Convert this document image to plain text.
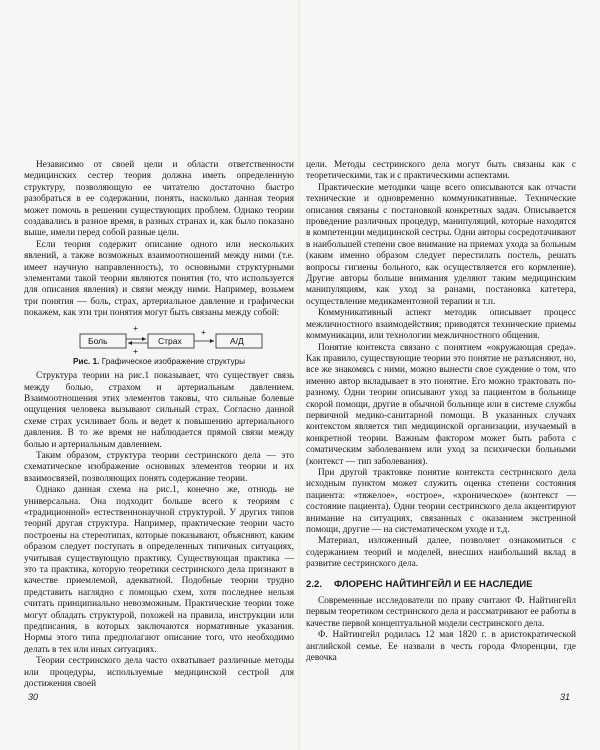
Независимо от своей цели и области ответственности медицинских сестер теория должна иметь определенную структуру, позволяющую ее читателю достаточно быстро разобраться в ее содержании, понять, насколько данная теория может помочь в решении существующих проблем. Однако теории создавались в разное время, в разных странах и, как было показано выше, имели перед собой разные цели.

Если теория содержит описание одного или нескольких явлений, а также возможных взаимоотношений между ними (т.е. имеет научную направленность), то основными структурными элементами такой теории являются понятия (то, что используется для описания явления) и связи между ними. Например, возьмем три понятия — боль, страх, артериальное давление и графически покажем, как эти три понятия могут быть связаны между собой:

Боль	Страх	А/Д
+
+
+
Рис. 1. Графическое изображение структуры

Структура теории на рис.1 показывает, что существует связь между болью, страхом и артериальным давлением. Взаимоотношения этих элементов таковы, что сильные болевые ощущения человека вызывают сильный страх. Согласно данной схеме страх усиливает боль и ведет к повышению артериального давления. В то же время не наблюдается прямой связи между болью и артериальным давлением.

Таким образом, структура теории сестринского дела — это схематическое изображение основных элементов теории и их взаимосвязей, позволяющих понять содержание теории.

Однако данная схема на рис.1, конечно же, отнюдь не универсальна. Она подходит больше всего к теориям с «традиционной» естественнонаучной структурой. У других типов теорий другая структура. Например, практические теории часто построены на стереотипах, которые показывают, объясняют, каким образом следует поступать в определенных типичных ситуациях, учитывая существующую практику. Существующая практика — это та практика, которую теоретики сестринского дела признают в качестве приемлемой, адекватной. Подобные теории трудно представить наглядно с помощью схем, хотя последнее нельзя считать принципиально невозможным. Практические теории тоже могут обладать структурой, похожей на правила, инструкции или предписания, в которых заключаются нормативные указания. Нормы этого типа предполагают описание того, что необходимо делать в тех или иных ситуациях.

Теории сестринского дела часто охватывает различные методы или процедуры, используемые медицинской сестрой для достижения своей

30

цели. Методы сестринского дела могут быть связаны как с теоретическими, так и с практическими аспектами.

Практические методики чаще всего описываются как отчасти технические и одновременно коммуникативные. Технические описания связаны с постановкой конкретных задач. Описывается проведение различных процедур, манипуляций, которые находятся в компетенции медицинской сестры. Одни авторы сосредотачивают в наибольшей степени свое внимание на приемах ухода за больным (каким именно образом следует перестилать постель, решать вопросы гигиены больного, как осуществляется его кормление). Другие авторы больше внимания уделяют таким медицинским манипуляциям, как уход за ранами, постановка катетера, осуществление медикаментозной терапии и т.п.

Коммуникативный аспект методик описывает процесс межличностного взаимодействия; приводятся технические приемы коммуникации, или технологии межличностного общения.

Понятие контекста связано с понятием «окружающая среда». Как правило, существующие теории это понятие не разъясняют, но, все же знакомясь с ними, можно вынести свое суждение о том, что именно автор вкладывает в это понятие. Его можно трактовать по-разному. Одни теории описывают уход за пациентом в больнице скорой помощи, другие в обычной больнице или в системе службы первичной медико-санитарной помощи. В указанных случаях контекстом является тип медицинской организации, изучаемый в конкретной теории. Важным фактором может быть работа с соматическим заболеванием или уход за психически больными (контекст — тип заболевания).

При другой трактовке понятие контекста сестринского дела исходным пунктом может служить оценка степени состояния пациента: «тяжелое», «острое», «хроническое» (контекст — состояние пациента). Одни теории сестринского дела акцентируют внимание на ситуациях, связанных с оказанием экстренной помощи, другие — на систематическом уходе и т.д.

Материал, изложенный далее, позволяет ознакомиться с содержанием теорий и моделей, внесших наибольший вклад в развитие сестринского дела.

2.2. ФЛОРЕНС НАЙТИНГЕЙЛ И ЕЕ НАСЛЕДИЕ

Современные исследователи по праву считают Ф. Найтингейл первым теоретиком сестринского дела и рассматривают ее работы в качестве первой концептуальной модели сестринского дела.

Ф. Найтингейл родилась 12 мая 1820 г. в аристократической английской семье. Ее назвали в честь города Флоренции, где девочка

31
